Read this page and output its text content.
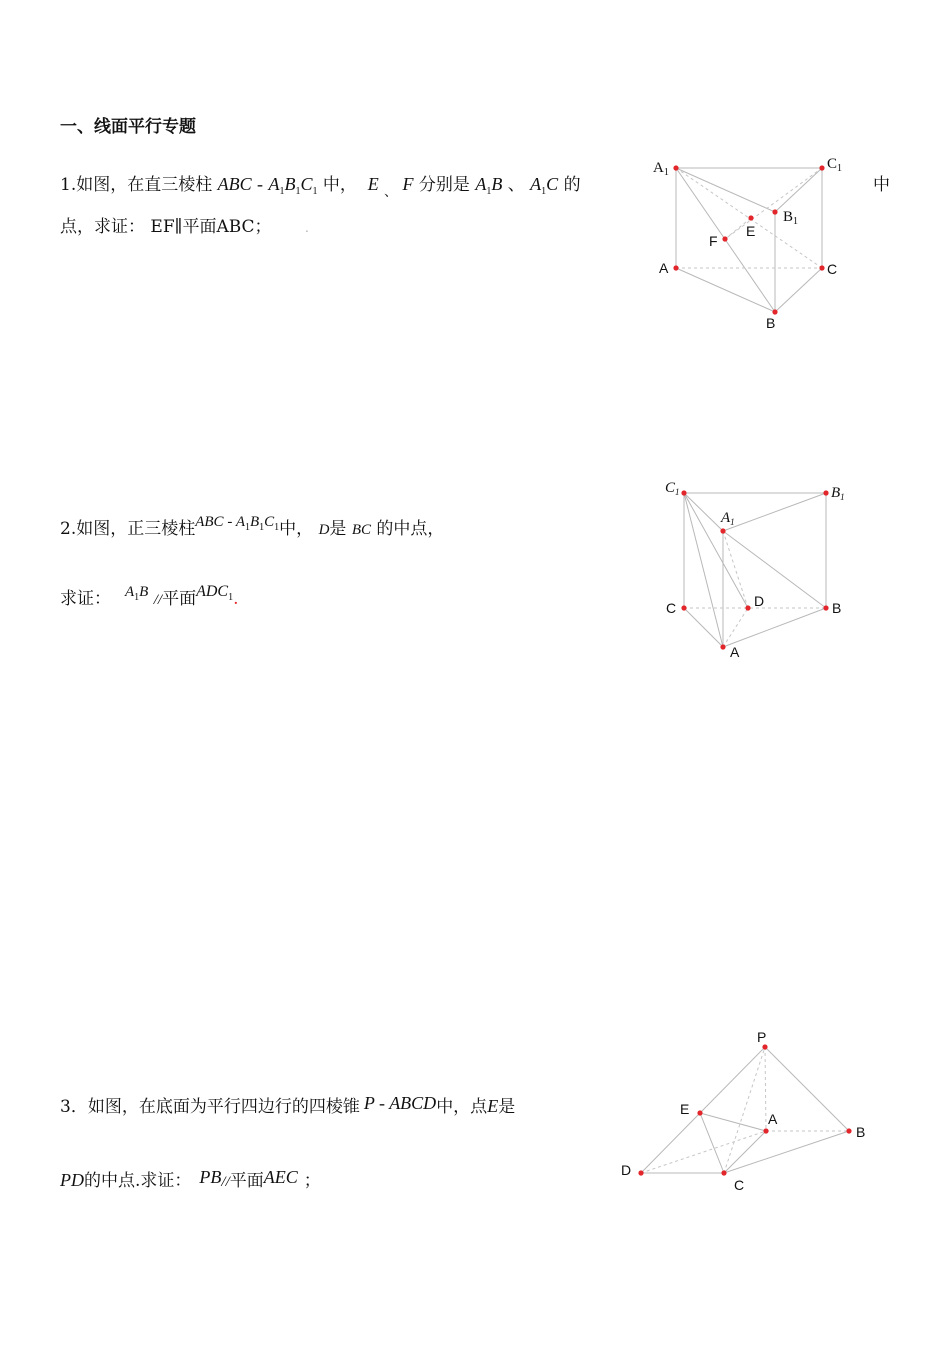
一、线面平行专题
1.如图，在直三棱柱 ABC - $A_1B_1C_1$ 中， E $_、$ F 分别是 $A_1B$ 、 $A_1C$ 的	中
点，求证： EF∥平面ABC；	.
$A_1$
$C_1$
$B_1$
E
F
A	C
B
2.如图，正三棱柱ABC - $A_1B_1C_1$中， D是 BC 的中点，
求证： $A_1B$ //平面$ADC_1$.
$C_1$	$B_1$
$A_1$
C	D	B
A
3．如图，在底面为平行四边行的四棱锥 P - ABCD中，点E是
PD的中点.求证： PB//平面AEC ；
P
E
A
B
D
C
